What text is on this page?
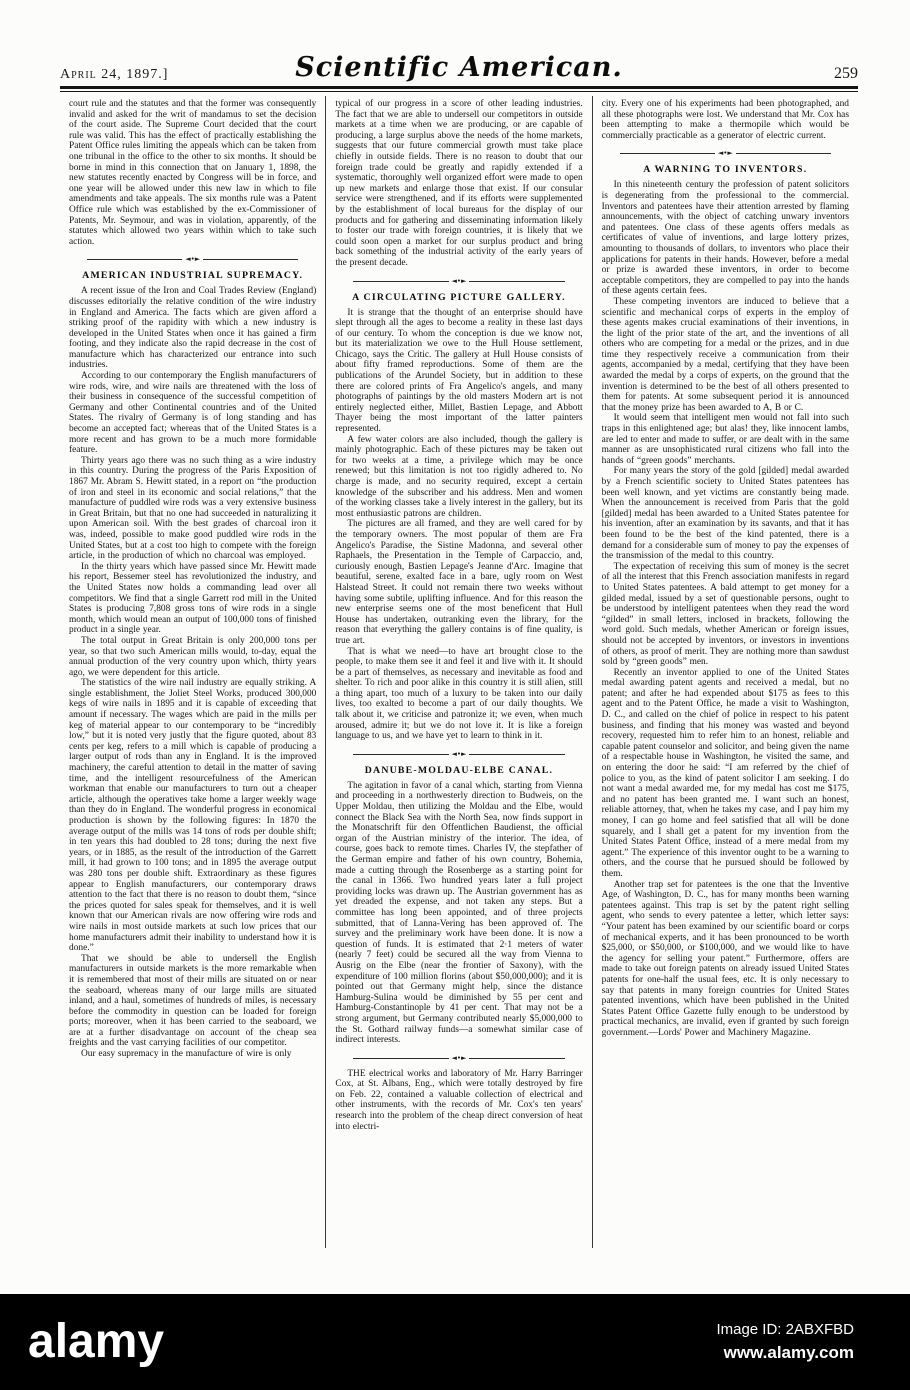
April 24, 1897.]	Scientific American.	259

court rule and the statutes and that the former was consequently invalid and asked for the writ of mandamus to set the decision of the court aside. The Supreme Court decided that the court rule was valid. This has the effect of practically establishing the Patent Office rules limiting the appeals which can be taken from one tribunal in the office to the other to six months. It should be borne in mind in this connection that on January 1, 1898, the new statutes recently enacted by Congress will be in force, and one year will be allowed under this new law in which to file amendments and take appeals. The six months rule was a Patent Office rule which was established by the ex-Commissioner of Patents, Mr. Seymour, and was in violation, apparently, of the statutes which allowed two years within which to take such action.

◄•►
AMERICAN INDUSTRIAL SUPREMACY.

A recent issue of the Iron and Coal Trades Review (England) discusses editorially the relative condition of the wire industry in England and America. The facts which are given afford a striking proof of the rapidity with which a new industry is developed in the United States when once it has gained a firm footing, and they indicate also the rapid decrease in the cost of manufacture which has characterized our entrance into such industries.

According to our contemporary the English manufacturers of wire rods, wire, and wire nails are threatened with the loss of their business in consequence of the successful competition of Germany and other Continental countries and of the United States. The rivalry of Germany is of long standing and has become an accepted fact; whereas that of the United States is a more recent and has grown to be a much more formidable feature.

Thirty years ago there was no such thing as a wire industry in this country. During the progress of the Paris Exposition of 1867 Mr. Abram S. Hewitt stated, in a report on “the production of iron and steel in its economic and social relations,” that the manufacture of puddled wire rods was a very extensive business in Great Britain, but that no one had succeeded in naturalizing it upon American soil. With the best grades of charcoal iron it was, indeed, possible to make good puddled wire rods in the United States, but at a cost too high to compete with the foreign article, in the production of which no charcoal was employed.

In the thirty years which have passed since Mr. Hewitt made his report, Bessemer steel has revolutionized the industry, and the United States now holds a commanding lead over all competitors. We find that a single Garrett rod mill in the United States is producing 7,808 gross tons of wire rods in a single month, which would mean an output of 100,000 tons of finished product in a single year.

The total output in Great Britain is only 200,000 tons per year, so that two such American mills would, to-day, equal the annual production of the very country upon which, thirty years ago, we were dependent for this article.

The statistics of the wire nail industry are equally striking. A single establishment, the Joliet Steel Works, produced 300,000 kegs of wire nails in 1895 and it is capable of exceeding that amount if necessary. The wages which are paid in the mills per keg of material appear to our contemporary to be “incredibly low,” but it is noted very justly that the figure quoted, about 83 cents per keg, refers to a mill which is capable of producing a larger output of rods than any in England. It is the improved machinery, the careful attention to detail in the matter of saving time, and the intelligent resourcefulness of the American workman that enable our manufacturers to turn out a cheaper article, although the operatives take home a larger weekly wage than they do in England. The wonderful progress in economical production is shown by the following figures: In 1870 the average output of the mills was 14 tons of rods per double shift; in ten years this had doubled to 28 tons; during the next five years, or in 1885, as the result of the introduction of the Garrett mill, it had grown to 100 tons; and in 1895 the average output was 280 tons per double shift. Extraordinary as these figures appear to English manufacturers, our contemporary draws attention to the fact that there is no reason to doubt them, “since the prices quoted for sales speak for themselves, and it is well known that our American rivals are now offering wire rods and wire nails in most outside markets at such low prices that our home manufacturers admit their inability to understand how it is done.”

That we should be able to undersell the English manufacturers in outside markets is the more remarkable when it is remembered that most of their mills are situated on or near the seaboard, whereas many of our large mills are situated inland, and a haul, sometimes of hundreds of miles, is necessary before the commodity in question can be loaded for foreign ports; moreover, when it has been carried to the seaboard, we are at a further disadvantage on account of the cheap sea freights and the vast carrying facilities of our competitor.

Our easy supremacy in the manufacture of wire is only

typical of our progress in a score of other leading industries. The fact that we are able to undersell our competitors in outside markets at a time when we are producing, or are capable of producing, a large surplus above the needs of the home markets, suggests that our future commercial growth must take place chiefly in outside fields. There is no reason to doubt that our foreign trade could be greatly and rapidly extended if a systematic, thoroughly well organized effort were made to open up new markets and enlarge those that exist. If our consular service were strengthened, and if its efforts were supplemented by the establishment of local bureaus for the display of our products and for gathering and disseminating information likely to foster our trade with foreign countries, it is likely that we could soon open a market for our surplus product and bring back something of the industrial activity of the early years of the present decade.

◄•►
A CIRCULATING PICTURE GALLERY.

It is strange that the thought of an enterprise should have slept through all the ages to become a reality in these last days of our century. To whom the conception is due we know not, but its materialization we owe to the Hull House settlement, Chicago, says the Critic. The gallery at Hull House consists of about fifty framed reproductions. Some of them are the publications of the Arundel Society, but in addition to these there are colored prints of Fra Angelico's angels, and many photographs of paintings by the old masters Modern art is not entirely neglected either, Millet, Bastien Lepage, and Abbott Thayer being the most important of the latter painters represented.

A few water colors are also included, though the gallery is mainly photographic. Each of these pictures may be taken out for two weeks at a time, a privilege which may be once renewed; but this limitation is not too rigidly adhered to. No charge is made, and no security required, except a certain knowledge of the subscriber and his address. Men and women of the working classes take a lively interest in the gallery, but its most enthusiastic patrons are children.

The pictures are all framed, and they are well cared for by the temporary owners. The most popular of them are Fra Angelico's Paradise, the Sistine Madonna, and several other Raphaels, the Presentation in the Temple of Carpaccio, and, curiously enough, Bastien Lepage's Jeanne d'Arc. Imagine that beautiful, serene, exalted face in a bare, ugly room on West Halstead Street. It could not remain there two weeks without having some subtile, uplifting influence. And for this reason the new enterprise seems one of the most beneficent that Hull House has undertaken, outranking even the library, for the reason that everything the gallery contains is of fine quality, is true art.

That is what we need—to have art brought close to the people, to make them see it and feel it and live with it. It should be a part of themselves, as necessary and inevitable as food and shelter. To rich and poor alike in this country it is still alien, still a thing apart, too much of a luxury to be taken into our daily lives, too exalted to become a part of our daily thoughts. We talk about it, we criticise and patronize it; we even, when much aroused, admire it; but we do not love it. It is like a foreign language to us, and we have yet to learn to think in it.

◄•►
DANUBE-MOLDAU-ELBE CANAL.

The agitation in favor of a canal which, starting from Vienna and proceeding in a northwesterly direction to Budweis, on the Upper Moldau, then utilizing the Moldau and the Elbe, would connect the Black Sea with the North Sea, now finds support in the Monatschrift für den Offentlichen Baudienst, the official organ of the Austrian ministry of the interior. The idea, of course, goes back to remote times. Charles IV, the stepfather of the German empire and father of his own country, Bohemia, made a cutting through the Rosenberge as a starting point for the canal in 1366. Two hundred years later a full project providing locks was drawn up. The Austrian government has as yet dreaded the expense, and not taken any steps. But a committee has long been appointed, and of three projects submitted, that of Lanna-Vering has been approved of. The survey and the preliminary work have been done. It is now a question of funds. It is estimated that 2·1 meters of water (nearly 7 feet) could be secured all the way from Vienna to Ausrig on the Elbe (near the frontier of Saxony), with the expenditure of 100 million florins (about $50,000,000); and it is pointed out that Germany might help, since the distance Hamburg-Sulina would be diminished by 55 per cent and Hamburg-Constantinople by 41 per cent. That may not be a strong argument, but Germany contributed nearly $5,000,000 to the St. Gothard railway funds—a somewhat similar case of indirect interests.

◄•►

THE electrical works and laboratory of Mr. Harry Barringer Cox, at St. Albans, Eng., which were totally destroyed by fire on Feb. 22, contained a valuable collection of electrical and other instruments, with the records of Mr. Cox's ten years' research into the problem of the cheap direct conversion of heat into electri-

city. Every one of his experiments had been photographed, and all these photographs were lost. We understand that Mr. Cox has been attempting to make a thermopile which would be commercially practicable as a generator of electric current.

◄•►
A WARNING TO INVENTORS.

In this nineteenth century the profession of patent solicitors is degenerating from the professional to the commercial. Inventors and patentees have their attention arrested by flaming announcements, with the object of catching unwary inventors and patentees. One class of these agents offers medals as certificates of value of inventions, and large lottery prizes, amounting to thousands of dollars, to inventors who place their applications for patents in their hands. However, before a medal or prize is awarded these inventors, in order to become acceptable competitors, they are compelled to pay into the hands of these agents certain fees.

These competing inventors are induced to believe that a scientific and mechanical corps of experts in the employ of these agents makes crucial examinations of their inventions, in the light of the prior state of the art, and the inventions of all others who are competing for a medal or the prizes, and in due time they respectively receive a communication from their agents, accompanied by a medal, certifying that they have been awarded the medal by a corps of experts, on the ground that the invention is determined to be the best of all others presented to them for patents. At some subsequent period it is announced that the money prize has been awarded to A, B or C.

It would seem that intelligent men would not fall into such traps in this enlightened age; but alas! they, like innocent lambs, are led to enter and made to suffer, or are dealt with in the same manner as are unsophisticated rural citizens who fall into the hands of “green goods” merchants.

For many years the story of the gold [gilded] medal awarded by a French scientific society to United States patentees has been well known, and yet victims are constantly being made. When the announcement is received from Paris that the gold [gilded] medal has been awarded to a United States patentee for his invention, after an examination by its savants, and that it has been found to be the best of the kind patented, there is a demand for a considerable sum of money to pay the expenses of the transmission of the medal to this country.

The expectation of receiving this sum of money is the secret of all the interest that this French association manifests in regard to United States patentees. A bald attempt to get money for a gilded medal, issued by a set of questionable persons, ought to be understood by intelligent patentees when they read the word “gilded” in small letters, inclosed in brackets, following the word gold. Such medals, whether American or foreign issues, should not be accepted by inventors, or investors in inventions of others, as proof of merit. They are nothing more than sawdust sold by “green goods” men.

Recently an inventor applied to one of the United States medal awarding patent agents and received a medal, but no patent; and after he had expended about $175 as fees to this agent and to the Patent Office, he made a visit to Washington, D. C., and called on the chief of police in respect to his patent business, and finding that his money was wasted and beyond recovery, requested him to refer him to an honest, reliable and capable patent counselor and solicitor, and being given the name of a respectable house in Washington, he visited the same, and on entering the door he said: “I am referred by the chief of police to you, as the kind of patent solicitor I am seeking. I do not want a medal awarded me, for my medal has cost me $175, and no patent has been granted me. I want such an honest, reliable attorney, that, when he takes my case, and I pay him my money, I can go home and feel satisfied that all will be done squarely, and I shall get a patent for my invention from the United States Patent Office, instead of a mere medal from my agent.” The experience of this inventor ought to be a warning to others, and the course that he pursued should be followed by them.

Another trap set for patentees is the one that the Inventive Age, of Washington, D. C., has for many months been warning patentees against. This trap is set by the patent right selling agent, who sends to every patentee a letter, which letter says: “Your patent has been examined by our scientific board or corps of mechanical experts, and it has been pronounced to be worth $25,000, or $50,000, or $100,000, and we would like to have the agency for selling your patent.” Furthermore, offers are made to take out foreign patents on already issued United States patents for one-half the usual fees, etc. It is only necessary to say that patents in many foreign countries for United States patented inventions, which have been published in the United States Patent Office Gazette fully enough to be understood by practical mechanics, are invalid, even if granted by such foreign government.—Lords' Power and Machinery Magazine.

alamy	Image ID: 2ABXFBD
www.alamy.com
